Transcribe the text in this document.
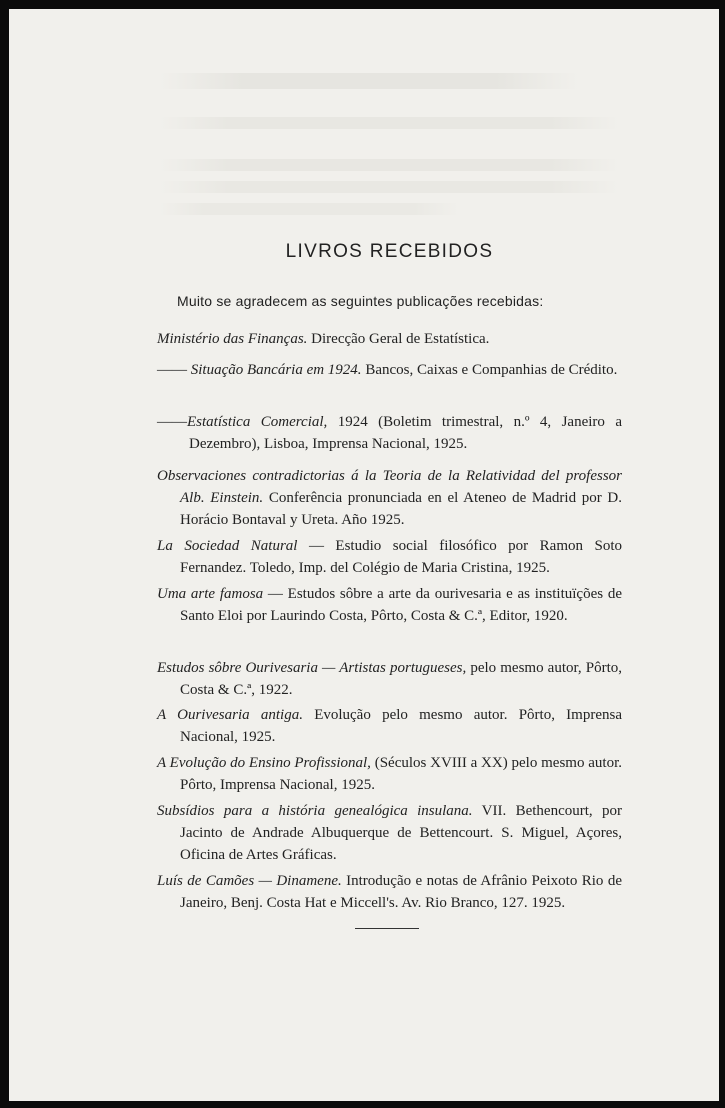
LIVROS RECEBIDOS
Muito se agradecem as seguintes publicações recebidas:
Ministério das Finanças. Direcção Geral de Estatística.
—— Situação Bancária em 1924. Bancos, Caixas e Companhias de Crédito.
——Estatística Comercial, 1924 (Boletim trimestral, n.º 4, Janeiro a Dezembro), Lisboa, Imprensa Nacional, 1925.
Observaciones contradictorias á la Teoria de la Relatividad del professor Alb. Einstein. Conferência pronunciada en el Ateneo de Madrid por D. Horácio Bontaval y Ureta. Año 1925.
La Sociedad Natural — Estudio social filosófico por Ramon Soto Fernandez. Toledo, Imp. del Colégio de Maria Cristina, 1925.
Uma arte famosa — Estudos sôbre a arte da ourivesaria e as instituïções de Santo Eloi por Laurindo Costa, Pôrto, Costa & C.ª, Editor, 1920.
Estudos sôbre Ourivesaria — Artistas portugueses, pelo mesmo autor, Pôrto, Costa & C.ª, 1922.
A Ourivesaria antiga. Evolução pelo mesmo autor. Pôrto, Imprensa Nacional, 1925.
A Evolução do Ensino Profissional, (Séculos XVIII a XX) pelo mesmo autor. Pôrto, Imprensa Nacional, 1925.
Subsídios para a história genealógica insulana. VII. Bethencourt, por Jacinto de Andrade Albuquerque de Bettencourt. S. Miguel, Açores, Oficina de Artes Gráficas.
Luís de Camões — Dinamene. Introdução e notas de Afrânio Peixoto Rio de Janeiro, Benj. Costa Hat e Miccell's. Av. Rio Branco, 127. 1925.
